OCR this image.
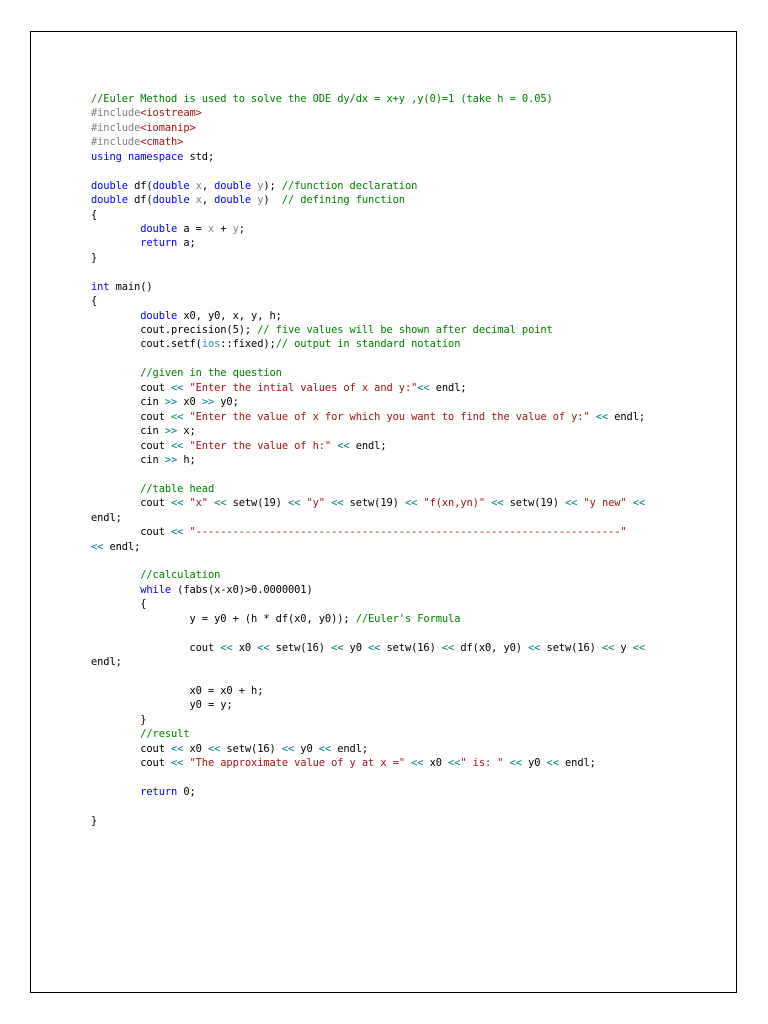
//Euler Method is used to solve the ODE dy/dx = x+y ,y(0)=1 (take h = 0.05)
#include<iostream>
#include<iomanip>
#include<cmath>
using namespace std;

double df(double x, double y); //function declaration
double df(double x, double y)  // defining function
{
double a = x + y;
return a;
}

int main()
{
double x0, y0, x, y, h;
cout.precision(5); // five values will be shown after decimal point
cout.setf(ios::fixed);// output in standard notation

//given in the question
cout << "Enter the intial values of x and y:"<< endl;
cin >> x0 >> y0;
cout << "Enter the value of x for which you want to find the value of y:" << endl;
cin >> x;
cout << "Enter the value of h:" << endl;
cin >> h;

//table head
cout << "x" << setw(19) << "y" << setw(19) << "f(xn,yn)" << setw(19) << "y new" <<
endl;
cout << "---------------------------------------------------------------------"
<< endl;

//calculation
while (fabs(x-x0)>0.0000001)
{
y = y0 + (h * df(x0, y0)); //Euler's Formula

cout << x0 << setw(16) << y0 << setw(16) << df(x0, y0) << setw(16) << y <<
endl;

x0 = x0 + h;
y0 = y;
}
//result
cout << x0 << setw(16) << y0 << endl;
cout << "The approximate value of y at x =" << x0 <<" is: " << y0 << endl;

return 0;

}
